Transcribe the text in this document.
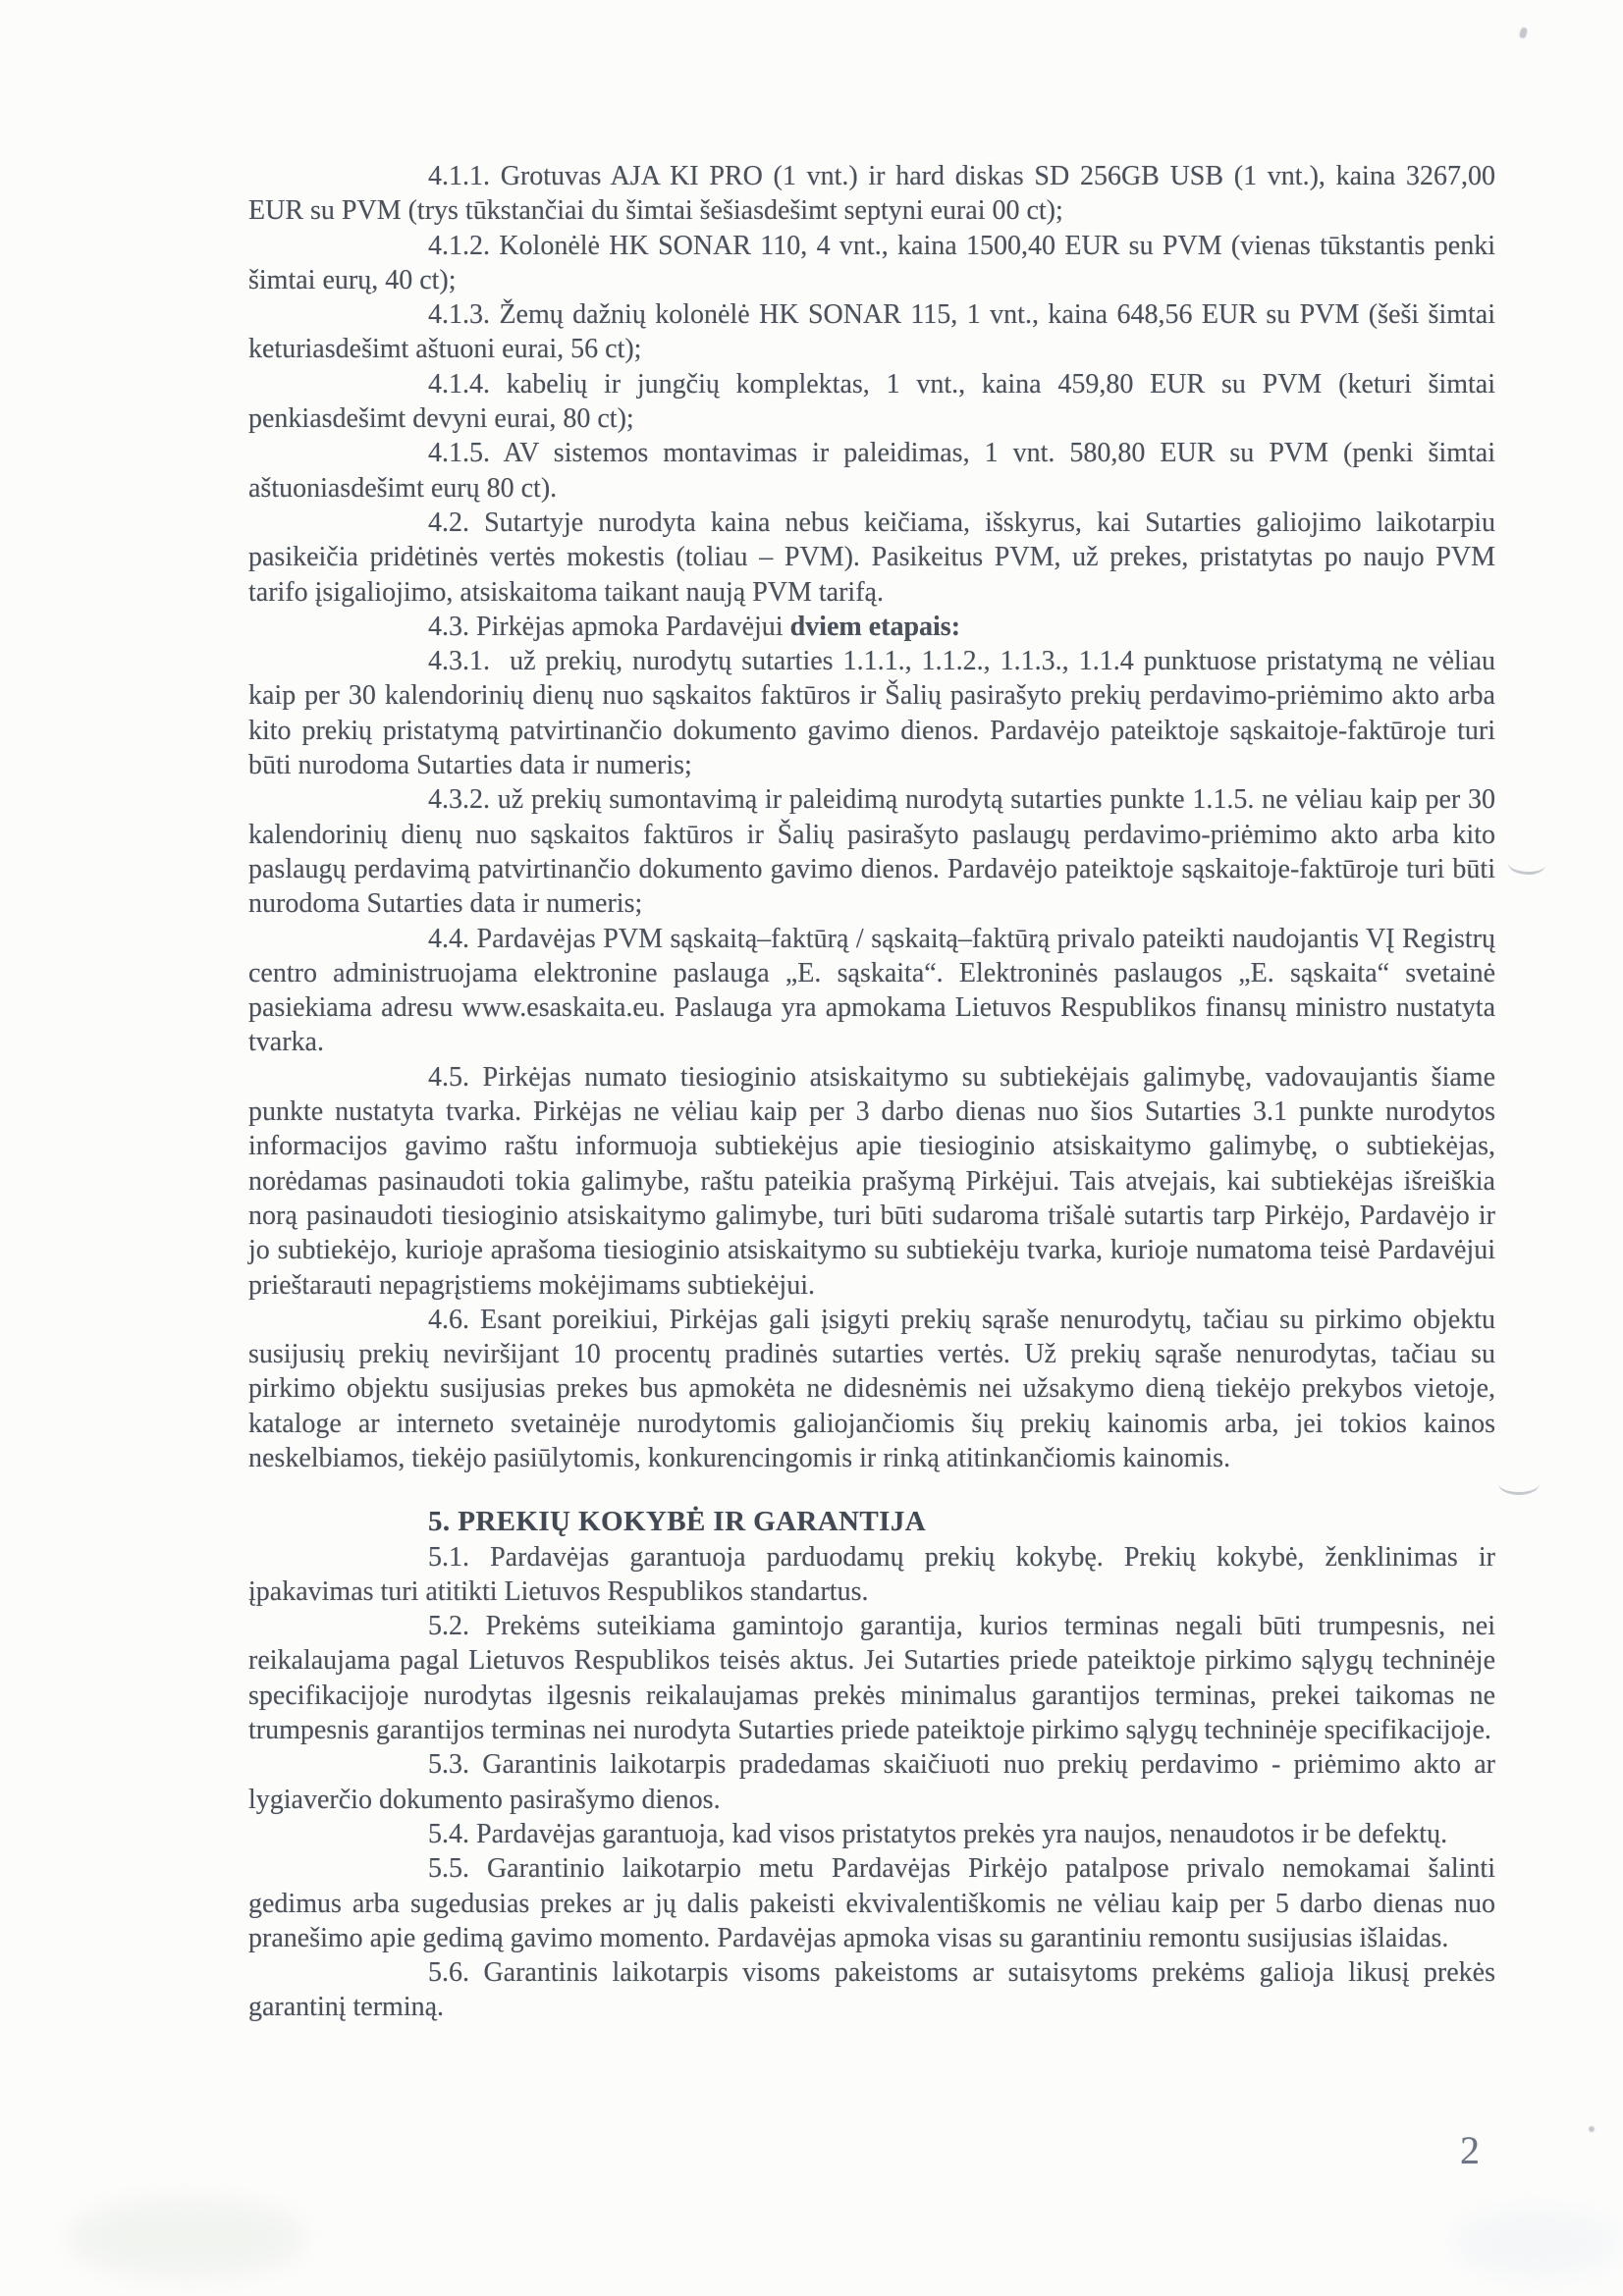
4.1.1. Grotuvas AJA KI PRO (1 vnt.) ir hard diskas SD 256GB USB (1 vnt.), kaina 3267,00 EUR su PVM (trys tūkstančiai du šimtai šešiasdešimt septyni eurai 00 ct);

4.1.2. Kolonėlė HK SONAR 110, 4 vnt., kaina 1500,40 EUR su PVM (vienas tūkstantis penki šimtai eurų, 40 ct);

4.1.3. Žemų dažnių kolonėlė HK SONAR 115, 1 vnt., kaina 648,56 EUR su PVM (šeši šimtai keturiasdešimt aštuoni eurai, 56 ct);

4.1.4. kabelių ir jungčių komplektas, 1 vnt., kaina 459,80 EUR su PVM (keturi šimtai penkiasdešimt devyni eurai, 80 ct);

4.1.5. AV sistemos montavimas ir paleidimas, 1 vnt. 580,80 EUR su PVM (penki šimtai aštuoniasdešimt eurų 80 ct).

4.2. Sutartyje nurodyta kaina nebus keičiama, išskyrus, kai Sutarties galiojimo laikotarpiu pasikeičia pridėtinės vertės mokestis (toliau – PVM). Pasikeitus PVM, už prekes, pristatytas po naujo PVM tarifo įsigaliojimo, atsiskaitoma taikant naują PVM tarifą.

4.3. Pirkėjas apmoka Pardavėjui dviem etapais:

4.3.1.  už prekių, nurodytų sutarties 1.1.1., 1.1.2., 1.1.3., 1.1.4 punktuose pristatymą ne vėliau kaip per 30 kalendorinių dienų nuo sąskaitos faktūros ir Šalių pasirašyto prekių perdavimo-priėmimo akto arba kito prekių pristatymą patvirtinančio dokumento gavimo dienos. Pardavėjo pateiktoje sąskaitoje-faktūroje turi būti nurodoma Sutarties data ir numeris;

4.3.2. už prekių sumontavimą ir paleidimą nurodytą sutarties punkte 1.1.5. ne vėliau kaip per 30 kalendorinių dienų nuo sąskaitos faktūros ir Šalių pasirašyto paslaugų perdavimo-priėmimo akto arba kito paslaugų perdavimą patvirtinančio dokumento gavimo dienos. Pardavėjo pateiktoje sąskaitoje-faktūroje turi būti nurodoma Sutarties data ir numeris;

4.4. Pardavėjas PVM sąskaitą–faktūrą / sąskaitą–faktūrą privalo pateikti naudojantis VĮ Registrų centro administruojama elektronine paslauga „E. sąskaita“. Elektroninės paslaugos „E. sąskaita“ svetainė pasiekiama adresu www.esaskaita.eu. Paslauga yra apmokama Lietuvos Respublikos finansų ministro nustatyta tvarka.

4.5. Pirkėjas numato tiesioginio atsiskaitymo su subtiekėjais galimybę, vadovaujantis šiame punkte nustatyta tvarka. Pirkėjas ne vėliau kaip per 3 darbo dienas nuo šios Sutarties 3.1 punkte nurodytos informacijos gavimo raštu informuoja subtiekėjus apie tiesioginio atsiskaitymo galimybę, o subtiekėjas, norėdamas pasinaudoti tokia galimybe, raštu pateikia prašymą Pirkėjui. Tais atvejais, kai subtiekėjas išreiškia norą pasinaudoti tiesioginio atsiskaitymo galimybe, turi būti sudaroma trišalė sutartis tarp Pirkėjo, Pardavėjo ir jo subtiekėjo, kurioje aprašoma tiesioginio atsiskaitymo su subtiekėju tvarka, kurioje numatoma teisė Pardavėjui prieštarauti nepagrįstiems mokėjimams subtiekėjui.

4.6. Esant poreikiui, Pirkėjas gali įsigyti prekių sąraše nenurodytų, tačiau su pirkimo objektu susijusių prekių neviršijant 10 procentų pradinės sutarties vertės. Už prekių sąraše nenurodytas, tačiau su pirkimo objektu susijusias prekes bus apmokėta ne didesnėmis nei užsakymo dieną tiekėjo prekybos vietoje, kataloge ar interneto svetainėje nurodytomis galiojančiomis šių prekių kainomis arba, jei tokios kainos neskelbiamos, tiekėjo pasiūlytomis, konkurencingomis ir rinką atitinkančiomis kainomis.

5. PREKIŲ KOKYBĖ IR GARANTIJA

5.1. Pardavėjas garantuoja parduodamų prekių kokybę. Prekių kokybė, ženklinimas ir įpakavimas turi atitikti Lietuvos Respublikos standartus.

5.2. Prekėms suteikiama gamintojo garantija, kurios terminas negali būti trumpesnis, nei reikalaujama pagal Lietuvos Respublikos teisės aktus. Jei Sutarties priede pateiktoje pirkimo sąlygų techninėje specifikacijoje nurodytas ilgesnis reikalaujamas prekės minimalus garantijos terminas, prekei taikomas ne trumpesnis garantijos terminas nei nurodyta Sutarties priede pateiktoje pirkimo sąlygų techninėje specifikacijoje.

5.3. Garantinis laikotarpis pradedamas skaičiuoti nuo prekių perdavimo - priėmimo akto ar lygiaverčio dokumento pasirašymo dienos.

5.4. Pardavėjas garantuoja, kad visos pristatytos prekės yra naujos, nenaudotos ir be defektų.

5.5. Garantinio laikotarpio metu Pardavėjas Pirkėjo patalpose privalo nemokamai šalinti gedimus arba sugedusias prekes ar jų dalis pakeisti ekvivalentiškomis ne vėliau kaip per 5 darbo dienas nuo pranešimo apie gedimą gavimo momento. Pardavėjas apmoka visas su garantiniu remontu susijusias išlaidas.

5.6. Garantinis laikotarpis visoms pakeistoms ar sutaisytoms prekėms galioja likusį prekės garantinį terminą.

2
